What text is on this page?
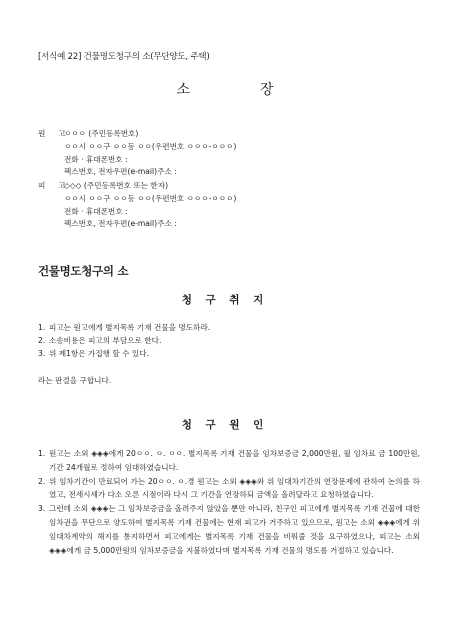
[서식예 22] 건물명도청구의 소(무단양도, 주택)
소	장
원 고
ㅇㅇㅇ (주민등록번호)
ㅇㅇ시 ㅇㅇ구 ㅇㅇ동 ㅇㅇ(우편번호 ㅇㅇㅇ-ㅇㅇㅇ)
전화 · 휴대폰번호 :
팩스번호, 전자우편(e-mail)주소 :
피 고
◇◇◇ (주민등록번호 또는 한자)
ㅇㅇ시 ㅇㅇ구 ㅇㅇ동 ㅇㅇ(우편번호 ㅇㅇㅇ-ㅇㅇㅇ)
전화 · 휴대폰번호 :
팩스번호, 전자우편(e-mail)주소 :
건물명도청구의 소
청 구 취 지
1. 피고는 원고에게 별지목록 기재 건물을 명도하라.
2. 소송비용은 피고의 부담으로 한다.
3. 위 제1항은 가집행 할 수 있다.
라는 판결을 구합니다.
청 구 원 인
1. 원고는 소외 ◈◈◈에게 20ㅇㅇ. ㅇ. ㅇㅇ. 별지목록 기재 건물을 임차보증금 2,000만원, 월 임차료 금 100만원, 기간 24개월로 정하여 임대하였습니다.
2. 위 임차기간이 만료되어 가는 20ㅇㅇ. ㅇ.경 원고는 소외 ◈◈◈와 위 임대차기간의 연장문제에 관하여 논의를 하였고, 전세시세가 다소 오른 시점이라 다시 그 기간을 연장하되 금액을 올려달라고 요청하였습니다.
3. 그런데 소외 ◈◈◈는 그 임차보증금을 올려주지 않았을 뿐만 아니라, 친구인 피고에게 별지목록 기재 건물에 대한 임차권을 무단으로 양도하여 별지목록 기재 건물에는 현재 피고가 거주하고 있으므로, 원고는 소외 ◈◈◈에게 위 임대차계약의 해지를 통지하면서 피고에게는 별지목록 기재 건물을 비워줄 것을 요구하였으나, 피고는 소외 ◈◈◈에게 금 5,000만원의 임차보증금을 지불하였다며 별지목록 기재 건물의 명도를 거절하고 있습니다.
